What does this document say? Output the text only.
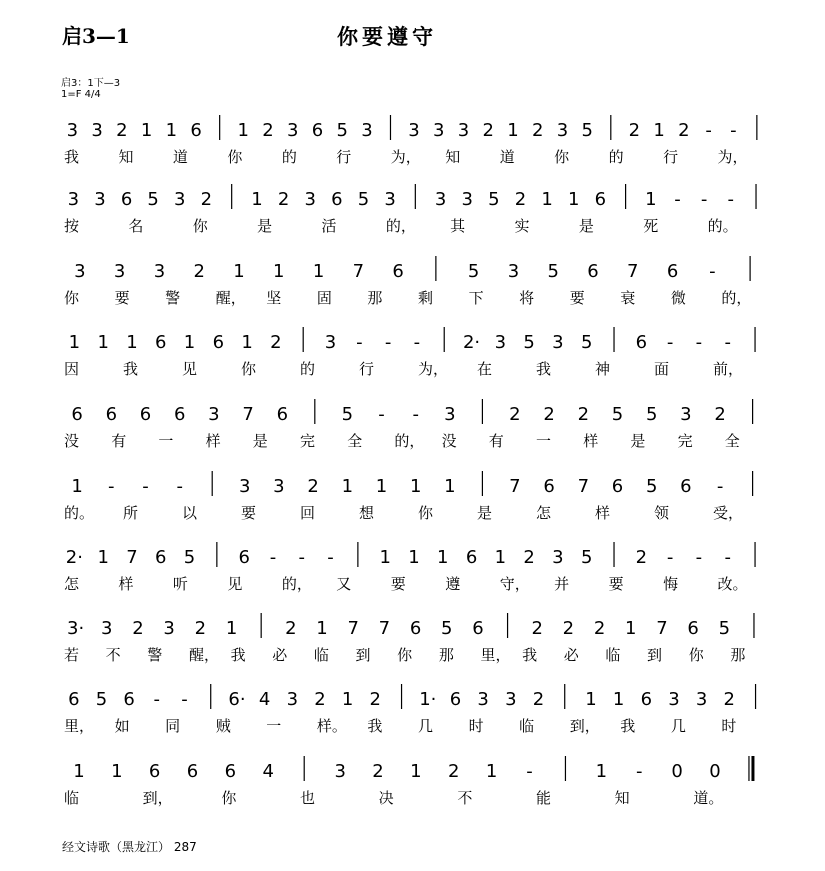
启3—1	你要遵守
启3：1下—3
1=F 4/4
3 3 2 1 1 6 1 2 3 6 5 3 3 3 3 2 1 2 3 5 2 1 2 - -
我	知	道	你	的	行	为， 知	道	你	的	行	为，
3 3 6 5 3 2 1 2 3 6 5 3 3 3 5 2 1 1 6 1 - - -
按	名	你	是	活	的， 其	实	是	死	的。
3 3 3 2 1 1 1 7 6	5 3 5 6 7 6 -
你 要 警 醒， 坚 固 那 剩 下 将 要 衰 微 的，
1 1 1 6 1 6 1 2 3 - - - 2· 3 5 3 5 6 - - -
因	我	见	你	的	行	为， 在	我	神	面	前，
6 6 6 6 3 7 6	5 - - 3	2 2 2 5 5 3 2
没 有 一 样 是 完 全 的， 没 有 一 样 是 完 全
1 - - -	3 3 2 1 1 1 1	7 6 7 6 5 6 -
的。 所	以	要	回	想	你	是	怎	样	领	受，
2· 1 7 6 5 6 - - -	1 1 1 6 1 2 3 5 2 - - -
怎	样	听	见	的， 又	要	遵	守， 并	要	悔	改。
3· 3 2 3 2 1	2 1 7 7 6 5 6	2 2 2 1 7 6 5
若 不 警 醒， 我 必 临 到 你 那 里， 我 必 临 到 你 那
6 5 6 - - 6· 4 3 2 1 2 1· 6 3 3 2 1 1 6 3 3 2
里， 如 同 贼 一 样。 我 几 时 临 到， 我 几 时
1 1 6 6 6 4	3 2 1 2 1 -	1 - 0 0
临	到，	你	也	决	不	能	知	道。
经文诗歌（黑龙江） 287
